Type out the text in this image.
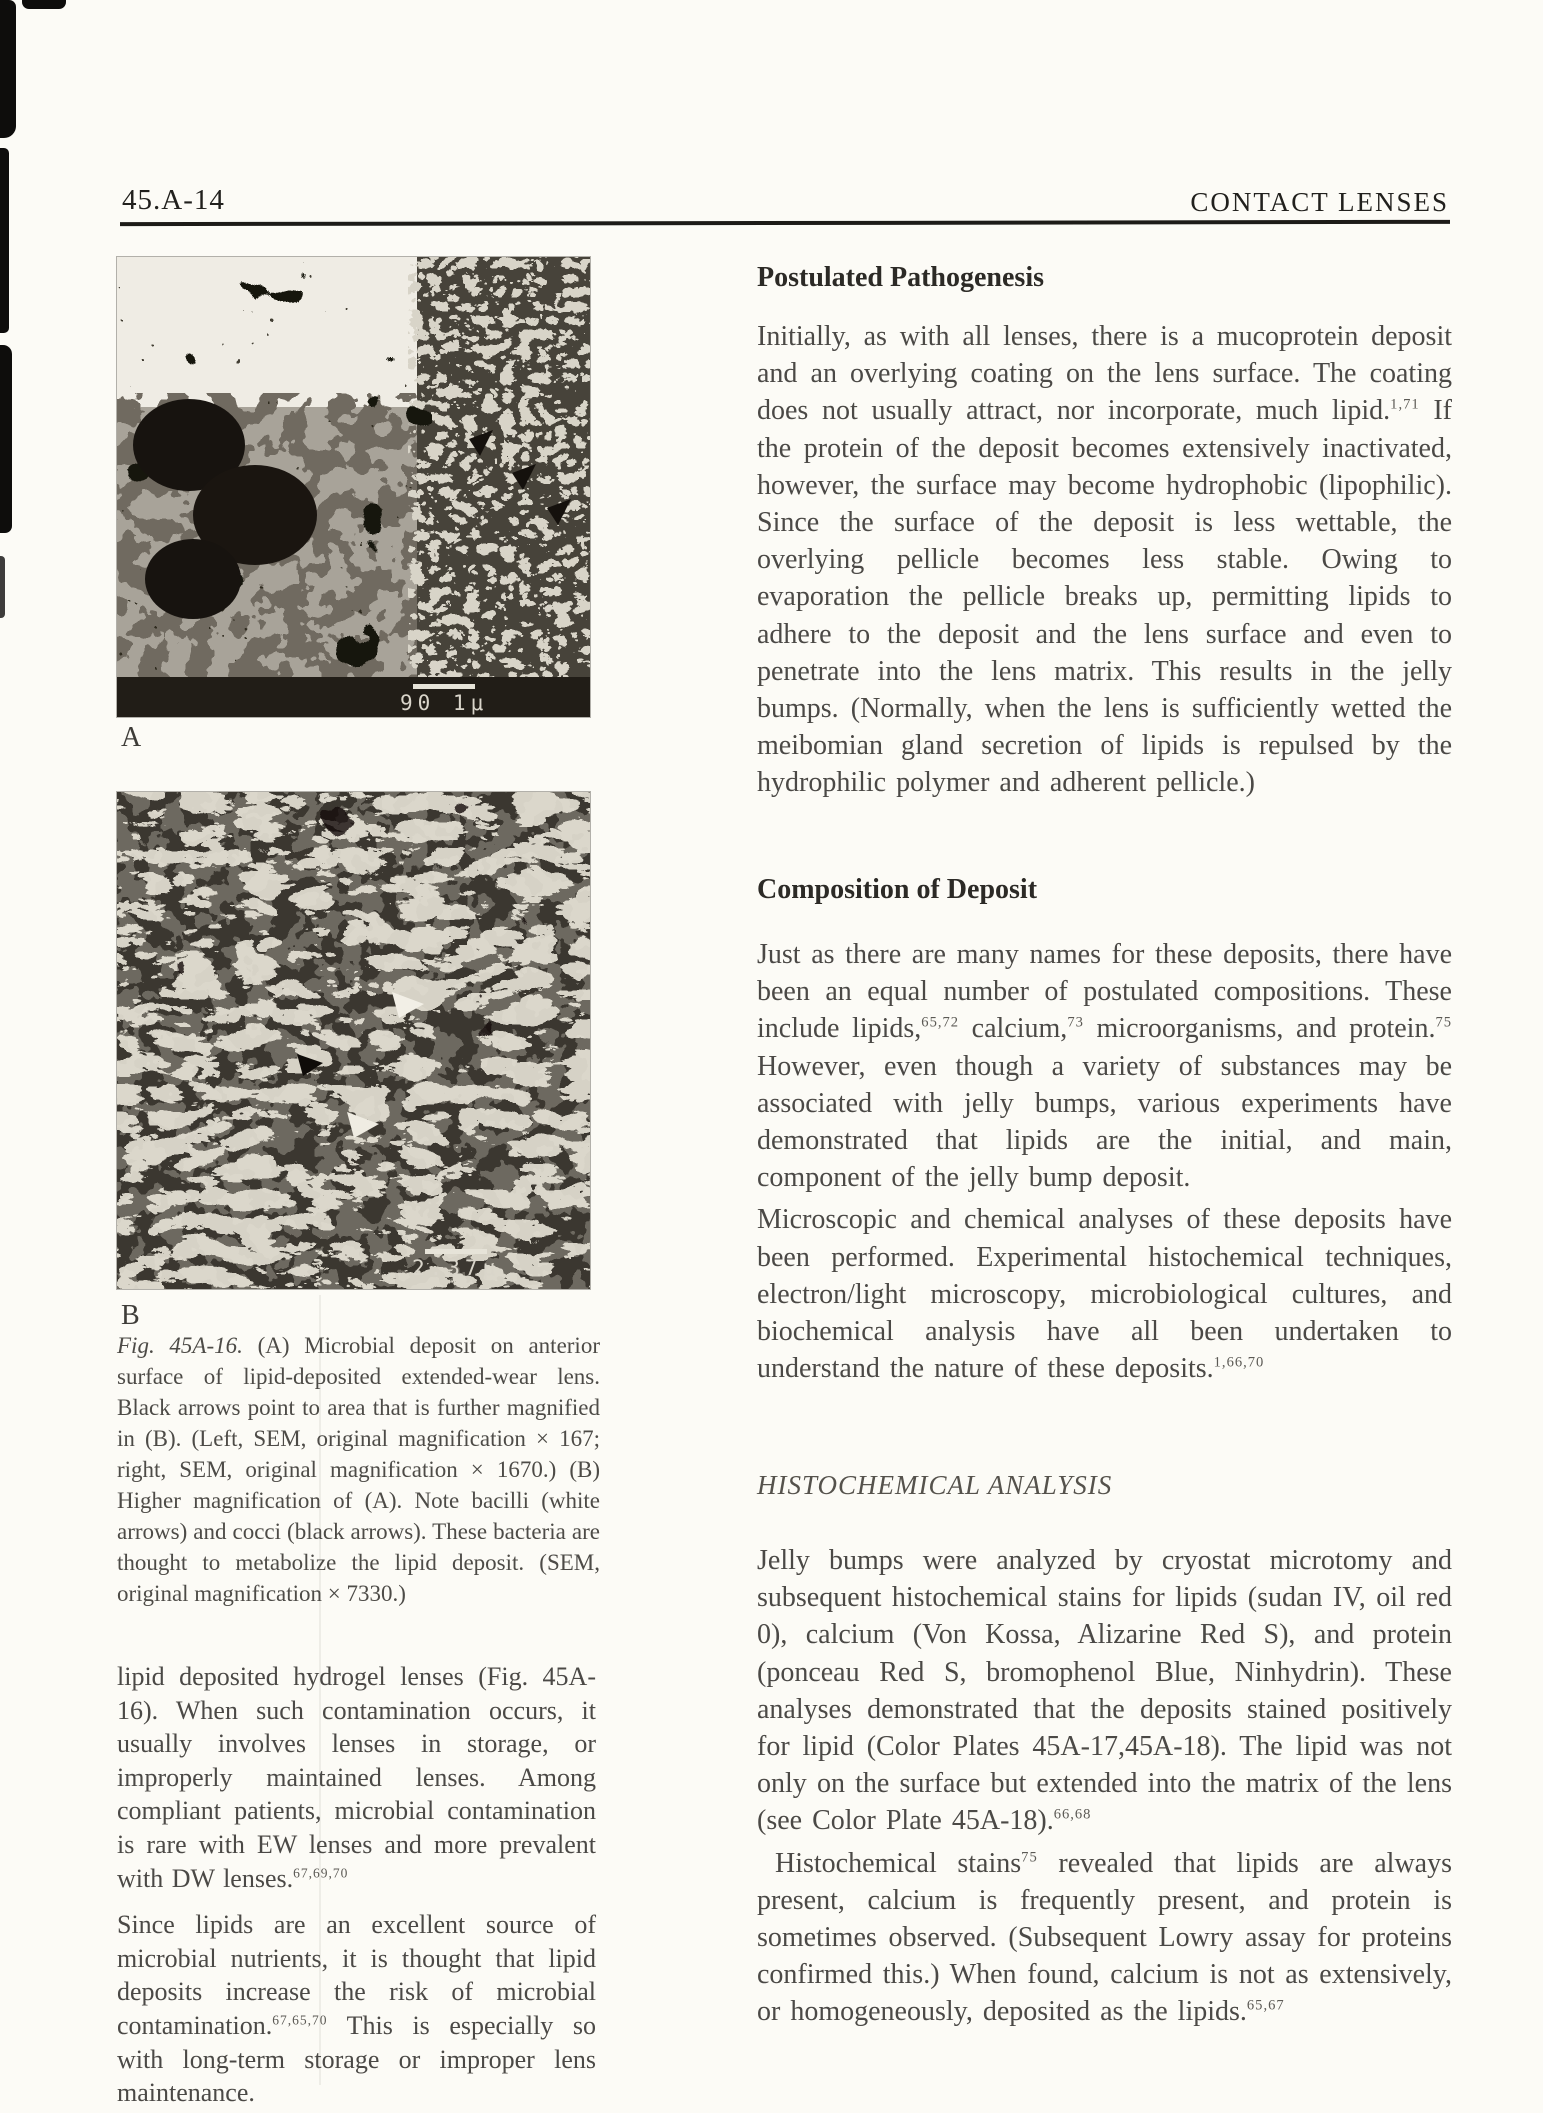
45.A-14	CONTACT LENSES
90 1μ
A
2.37μ
B

Fig. 45A-16. (A) Microbial deposit on anterior surface of lipid-deposited extended-wear lens. Black arrows point to area that is further magnified in (B). (Left, SEM, original magnification × 167; right, SEM, original magnification × 1670.) (B) Higher magnification of (A). Note bacilli (white arrows) and cocci (black arrows). These bacteria are thought to metabolize the lipid deposit. (SEM, original magnification × 7330.)

lipid deposited hydrogel lenses (Fig. 45A-16). When such contamination occurs, it usually involves lenses in storage, or improperly maintained lenses. Among compliant patients, microbial contamination is rare with EW lenses and more prevalent with DW lenses.$^{67,69,70}$

Since lipids are an excellent source of microbial nutrients, it is thought that lipid deposits increase the risk of microbial contamination.$^{67,65,70}$ This is especially so with long-term storage or improper lens maintenance.

Postulated Pathogenesis

Initially, as with all lenses, there is a mucoprotein deposit and an overlying coating on the lens surface. The coating does not usually attract, nor incorporate, much lipid.$^{1,71}$ If the protein of the deposit becomes extensively inactivated, however, the surface may become hydrophobic (lipophilic). Since the surface of the deposit is less wettable, the overlying pellicle becomes less stable. Owing to evaporation the pellicle breaks up, permitting lipids to adhere to the deposit and the lens surface and even to penetrate into the lens matrix. This results in the jelly bumps. (Normally, when the lens is sufficiently wetted the meibomian gland secretion of lipids is repulsed by the hydrophilic polymer and adherent pellicle.)

Composition of Deposit

Just as there are many names for these deposits, there have been an equal number of postulated compositions. These include lipids,$^{65,72}$ calcium,$^{73}$ microorganisms, and protein.$^{75}$ However, even though a variety of substances may be associated with jelly bumps, various experiments have demonstrated that lipids are the initial, and main, component of the jelly bump deposit.

Microscopic and chemical analyses of these deposits have been performed. Experimental histochemical techniques, electron/light microscopy, microbiological cultures, and biochemical analysis have all been undertaken to understand the nature of these deposits.$^{1,66,70}$

HISTOCHEMICAL ANALYSIS

Jelly bumps were analyzed by cryostat microtomy and subsequent histochemical stains for lipids (sudan IV, oil red 0), calcium (Von Kossa, Alizarine Red S), and protein (ponceau Red S, bromophenol Blue, Ninhydrin). These analyses demonstrated that the deposits stained positively for lipid (Color Plates 45A-17,45A-18). The lipid was not only on the surface but extended into the matrix of the lens (see Color Plate 45A-18).$^{66,68}$

Histochemical stains$^{75}$ revealed that lipids are always present, calcium is frequently present, and protein is sometimes observed. (Subsequent Lowry assay for proteins confirmed this.) When found, calcium is not as extensively, or homogeneously, deposited as the lipids.$^{65,67}$
